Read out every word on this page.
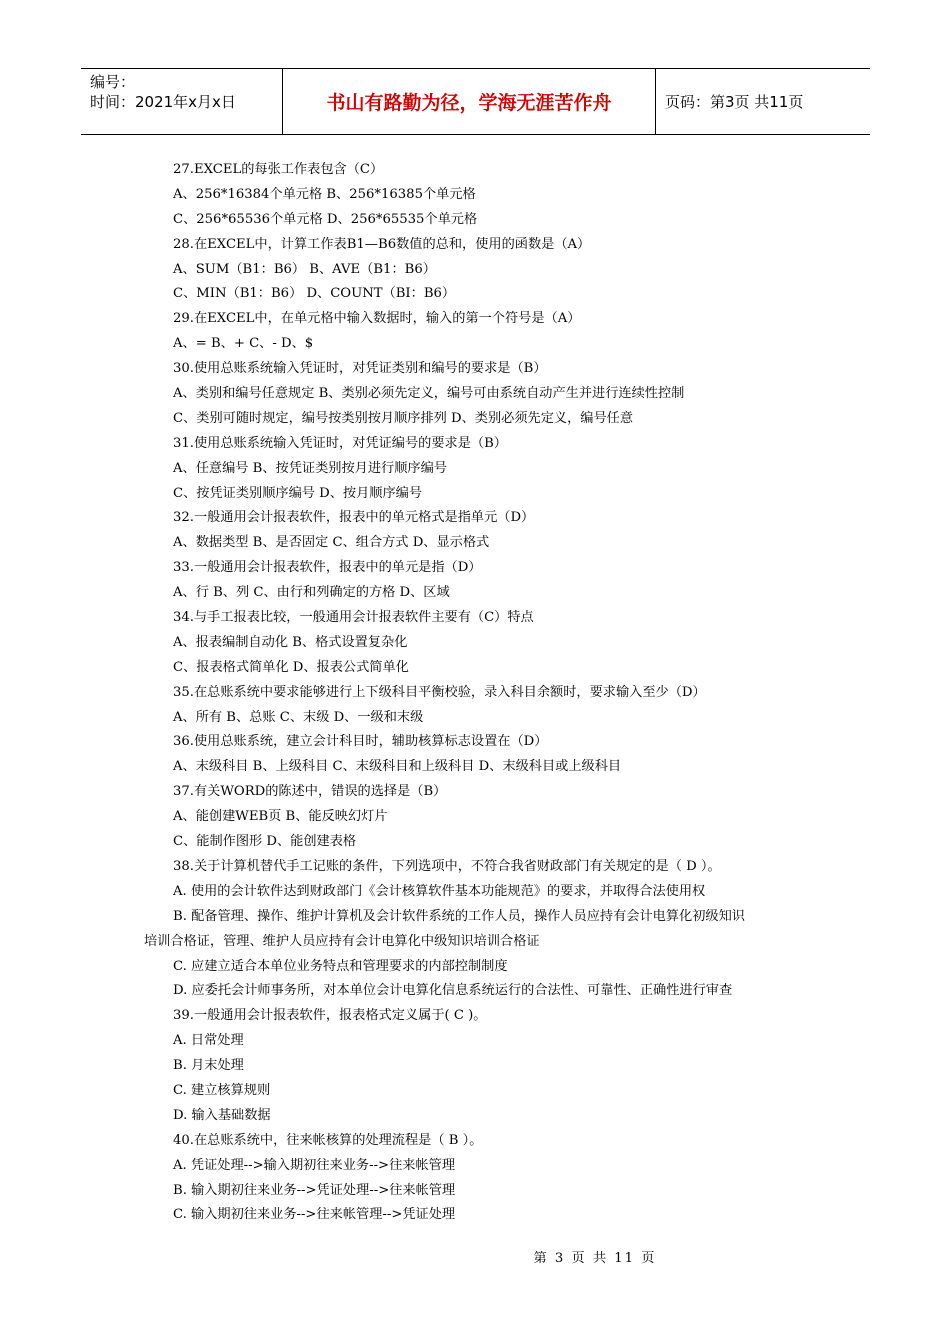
编号：
时间：2021年x月x日	书山有路勤为径，学海无涯苦作舟	页码：第3页 共11页
27.EXCEL的每张工作表包含（C）
A、256*16384个单元格 B、256*16385个单元格
C、256*65536个单元格 D、256*65535个单元格
28.在EXCEL中，计算工作表B1—B6数值的总和，使用的函数是（A）
A、SUM（B1：B6） B、AVE（B1：B6）
C、MIN（B1：B6） D、COUNT（BI：B6）
29.在EXCEL中，在单元格中输入数据时，输入的第一个符号是（A）
A、= B、+ C、- D、$
30.使用总账系统输入凭证时，对凭证类别和编号的要求是（B）
A、类别和编号任意规定 B、类别必须先定义，编号可由系统自动产生并进行连续性控制
C、类别可随时规定，编号按类别按月顺序排列 D、类别必须先定义，编号任意
31.使用总账系统输入凭证时，对凭证编号的要求是（B）
A、任意编号 B、按凭证类别按月进行顺序编号
C、按凭证类别顺序编号 D、按月顺序编号
32.一般通用会计报表软件，报表中的单元格式是指单元（D）
A、数据类型 B、是否固定 C、组合方式 D、显示格式
33.一般通用会计报表软件，报表中的单元是指（D）
A、行 B、列 C、由行和列确定的方格 D、区域
34.与手工报表比较，一般通用会计报表软件主要有（C）特点
A、报表编制自动化 B、格式设置复杂化
C、报表格式简单化 D、报表公式简单化
35.在总账系统中要求能够进行上下级科目平衡校验，录入科目余额时，要求输入至少（D）
A、所有 B、总账 C、末级 D、一级和末级
36.使用总账系统，建立会计科目时，辅助核算标志设置在（D）
A、末级科目 B、上级科目 C、末级科目和上级科目 D、末级科目或上级科目
37.有关WORD的陈述中，错误的选择是（B）
A、能创建WEB页 B、能反映幻灯片
C、能制作图形 D、能创建表格
38.关于计算机替代手工记账的条件，下列选项中，不符合我省财政部门有关规定的是（ D ）。
A. 使用的会计软件达到财政部门《会计核算软件基本功能规范》的要求，并取得合法使用权
B. 配备管理、操作、维护计算机及会计软件系统的工作人员，操作人员应持有会计电算化初级知识
培训合格证，管理、维护人员应持有会计电算化中级知识培训合格证
C. 应建立适合本单位业务特点和管理要求的内部控制制度
D. 应委托会计师事务所，对本单位会计电算化信息系统运行的合法性、可靠性、正确性进行审查
39.一般通用会计报表软件，报表格式定义属于( C )。
A. 日常处理
B. 月末处理
C. 建立核算规则
D. 输入基础数据
40.在总账系统中，往来帐核算的处理流程是（ B ）。
A. 凭证处理-->输入期初往来业务-->往来帐管理
B. 输入期初往来业务-->凭证处理-->往来帐管理
C. 输入期初往来业务-->往来帐管理-->凭证处理
第 3 页 共 11 页
